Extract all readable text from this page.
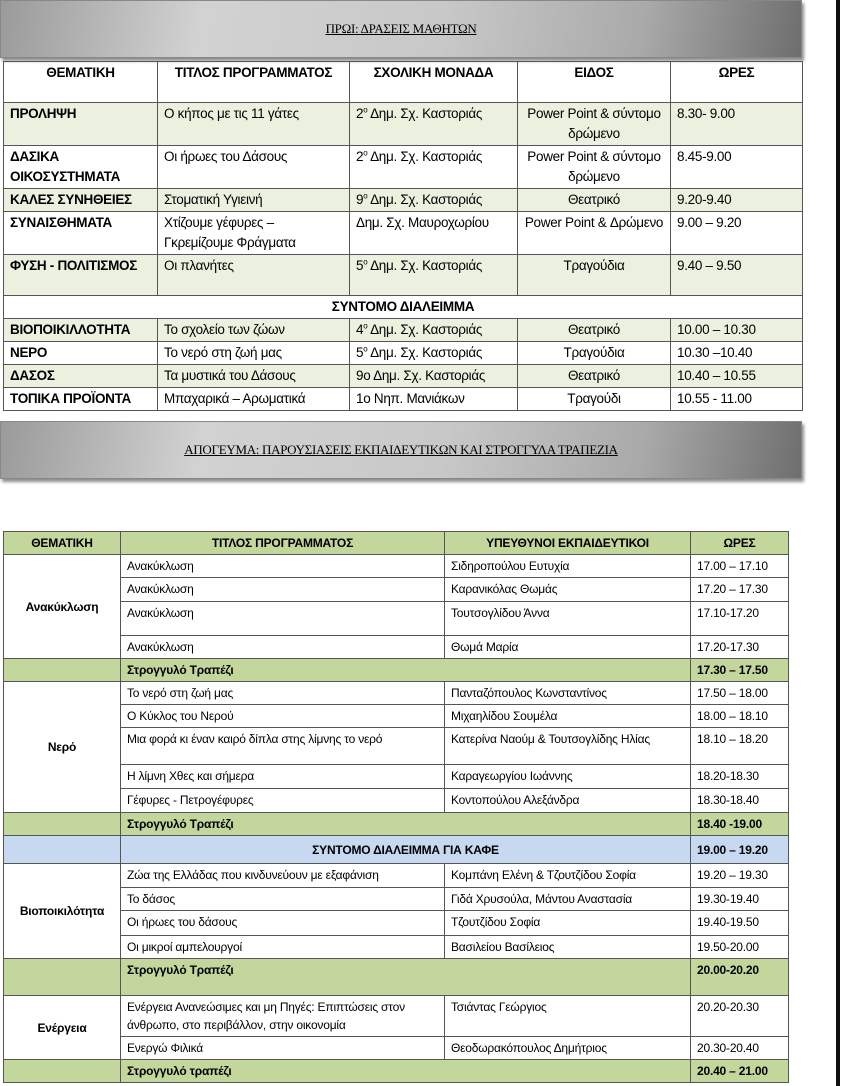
ΠΡΩΙ: ΔΡΑΣΕΙΣ ΜΑΘΗΤΩΝ
ΘΕΜΑΤΙΚΗ	ΤΙΤΛΟΣ ΠΡΟΓΡΑΜΜΑΤΟΣ	ΣΧΟΛΙΚΗ ΜΟΝΑΔΑ	ΕΙΔΟΣ	ΩΡΕΣ
ΠΡΟΛΗΨΗ	Ο κήπος με τις 11 γάτες	$2^o$ Δημ. Σχ. Καστοριάς	Power Point & σύντομο δρώμενο	8.30- 9.00
ΔΑΣΙΚΑ ΟΙΚΟΣΥΣΤΗΜΑΤΑ	Οι ήρωες του Δάσους	$2^o$ Δημ. Σχ. Καστοριάς	Power Point & σύντομο δρώμενο	8.45-9.00
ΚΑΛΕΣ ΣΥΝΗΘΕΙΕΣ	Στοματική Υγιεινή	$9^o$ Δημ. Σχ. Καστοριάς	Θεατρικό	9.20-9.40
ΣΥΝΑΙΣΘΗΜΑΤΑ	Χτίζουμε γέφυρες – Γκρεμίζουμε Φράγματα	Δημ. Σχ. Μαυροχωρίου	Power Point & Δρώμενο	9.00 – 9.20
ΦΥΣΗ - ΠΟΛΙΤΙΣΜΟΣ	Οι πλανήτες	$5^o$ Δημ. Σχ. Καστοριάς	Τραγούδια	9.40 – 9.50
ΣΥΝΤΟΜΟ ΔΙΑΛΕΙΜΜΑ				
ΒΙΟΠΟΙΚΙΛΛΟΤΗΤΑ	Το σχολείο των ζώων	$4^o$ Δημ. Σχ. Καστοριάς	Θεατρικό	10.00 – 10.30
ΝΕΡΟ	Το νερό στη ζωή μας	$5^o$ Δημ. Σχ. Καστοριάς	Τραγούδια	10.30 –10.40
ΔΑΣΟΣ	Τα μυστικά του Δάσους	9ο Δημ. Σχ. Καστοριάς	Θεατρικό	10.40 – 10.55
ΤΟΠΙΚΑ ΠΡΟΪΟΝΤΑ	Μπαχαρικά – Αρωματικά	1ο Νηπ. Μανιάκων	Τραγούδι	10.55 - 11.00
ΑΠΟΓΕΥΜΑ: ΠΑΡΟΥΣΙΑΣΕΙΣ ΕΚΠΑΙΔΕΥΤΙΚΩΝ ΚΑΙ ΣΤΡΟΓΓΥΛΑ ΤΡΑΠΕΖΙΑ
ΘΕΜΑΤΙΚΗ	ΤΙΤΛΟΣ ΠΡΟΓΡΑΜΜΑΤΟΣ	ΥΠΕΥΘΥΝΟΙ ΕΚΠΑΙΔΕΥΤΙΚΟΙ	ΩΡΕΣ
Ανακύκλωση	Ανακύκλωση	Σιδηροπούλου Ευτυχία	17.00 – 17.10
	Ανακύκλωση	Καρανικόλας Θωμάς	17.20 – 17.30
	Ανακύκλωση	Τουτσογλίδου Άννα	17.10-17.20
	Ανακύκλωση	Θωμά Μαρία	17.20-17.30
	Στρογγυλό Τραπέζι		17.30 – 17.50
Νερό	Το νερό στη ζωή μας	Πανταζόπουλος Κωνσταντίνος	17.50 – 18.00
	Ο Κύκλος του Νερού	Μιχαηλίδου Σουμέλα	18.00 – 18.10
	Μια φορά κι έναν καιρό δίπλα στης λίμνης το νερό	Κατερίνα Ναούμ & Τουτσογλίδης Ηλίας	18.10 – 18.20
	Η λίμνη Χθες και σήμερα	Καραγεωργίου Ιωάννης	18.20-18.30
	Γέφυρες - Πετρογέφυρες	Κοντοπούλου Αλεξάνδρα	18.30-18.40
	Στρογγυλό Τραπέζι		18.40 -19.00
	ΣΥΝΤΟΜΟ ΔΙΑΛΕΙΜΜΑ ΓΙΑ ΚΑΦΕ		19.00 – 19.20
Βιοποικιλότητα	Ζώα της Ελλάδας που κινδυνεύουν με εξαφάνιση	Κομπάνη Ελένη & Τζουτζίδου Σοφία	19.20 – 19.30
	Το δάσος	Γιδά Χρυσούλα, Μάντου Αναστασία	19.30-19.40
	Οι ήρωες του δάσους	Τζουτζίδου Σοφία	19.40-19.50
	Οι μικροί αμπελουργοί	Βασιλείου Βασίλειος	19.50-20.00
	Στρογγυλό Τραπέζι		20.00-20.20
Ενέργεια	Ενέργεια Ανανεώσιμες και μη Πηγές: Επιπτώσεις στον άνθρωπο, στο περιβάλλον, στην οικονομία	Τσιάντας Γεώργιος	20.20-20.30
	Ενεργώ Φιλικά	Θεοδωρακόπουλος Δημήτριος	20.30-20.40
	Στρογγυλό τραπέζι		20.40 – 21.00
